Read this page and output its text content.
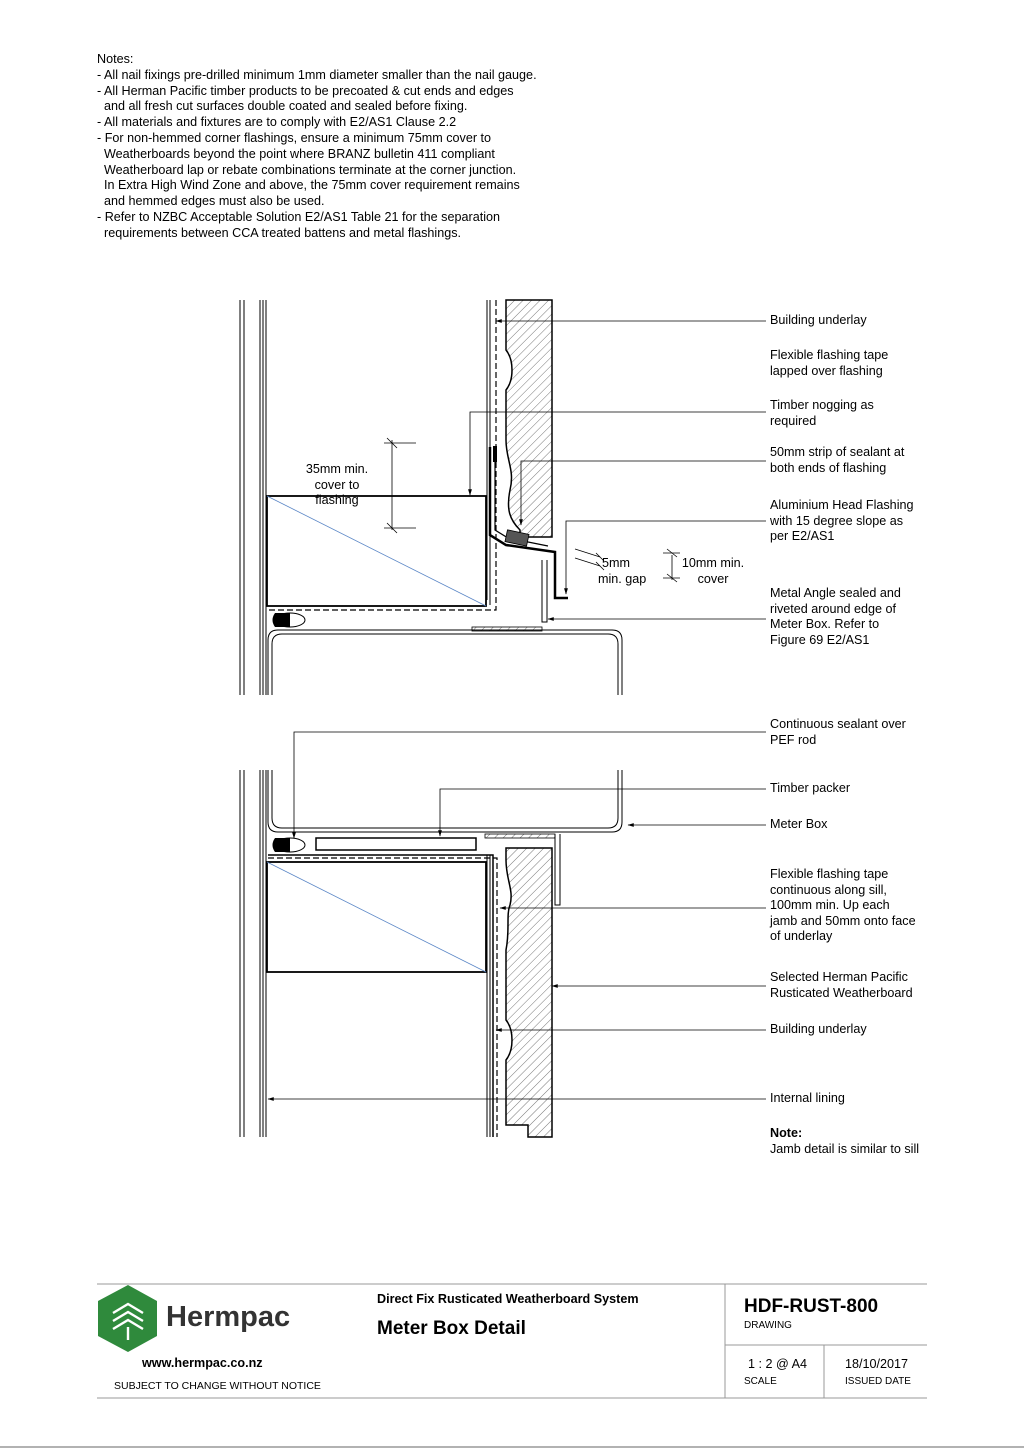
Notes:
- All nail fixings pre-drilled minimum 1mm diameter smaller than the nail gauge.
- All Herman Pacific timber products to be precoated & cut ends and edges
and all fresh cut surfaces double coated and sealed before fixing.
- All materials and fixtures are to comply with E2/AS1 Clause 2.2
- For non-hemmed corner flashings, ensure a minimum 75mm cover to
Weatherboards beyond the point where BRANZ bulletin 411 compliant
Weatherboard lap or rebate combinations terminate at the corner junction.
In Extra High Wind Zone and above, the 75mm cover requirement remains
and hemmed edges must also be used.
- Refer to NZBC Acceptable Solution E2/AS1 Table 21 for the separation
requirements between CCA treated battens and metal flashings.
Building underlay
Flexible flashing tape
lapped over flashing
Timber nogging as
required
50mm strip of sealant at
both ends of flashing
Aluminium Head Flashing
with 15 degree slope as
per E2/AS1
Metal Angle sealed and
riveted around edge of
Meter Box. Refer to
Figure 69 E2/AS1
35mm min.
cover to
flashing
5mm
min. gap
10mm min.
cover
Continuous sealant over
PEF rod
Timber packer
Meter Box
Flexible flashing tape
continuous along sill,
100mm min. Up each
jamb and 50mm onto face
of underlay
Selected Herman Pacific
Rusticated Weatherboard
Building underlay
Internal lining
Note:
Jamb detail is similar to sill
Hermpac
www.hermpac.co.nz
SUBJECT TO CHANGE WITHOUT NOTICE
Direct Fix Rusticated Weatherboard System
Meter Box Detail
HDF-RUST-800
DRAWING
1 : 2 @ A4
SCALE
18/10/2017
ISSUED DATE
